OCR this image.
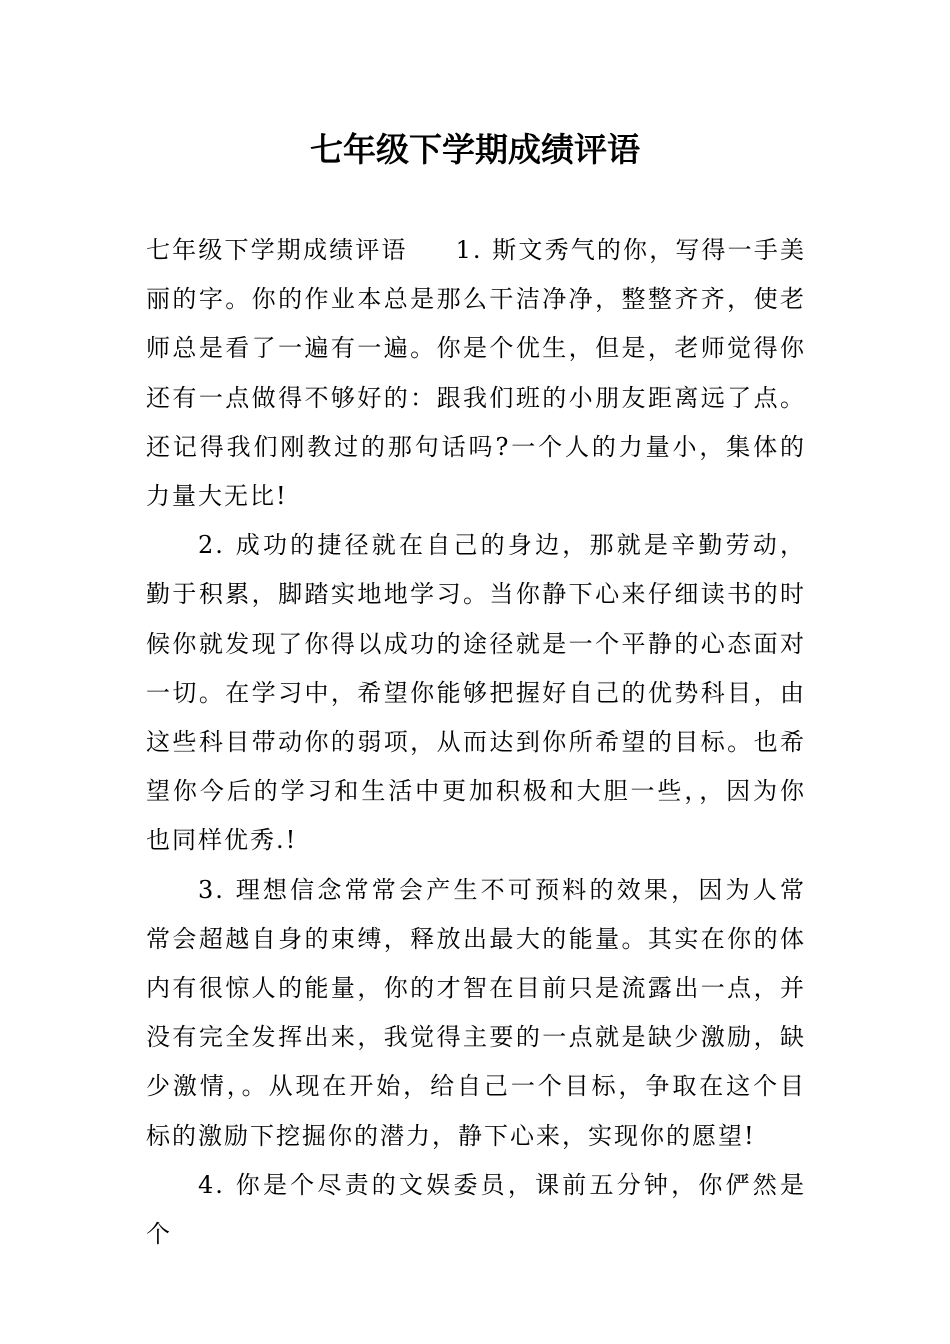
七年级下学期成绩评语

七年级下学期成绩评语 1. 斯文秀气的你，写得一手美丽的字。你的作业本总是那么干洁净净，整整齐齐，使老师总是看了一遍有一遍。你是个优生，但是，老师觉得你还有一点做得不够好的：跟我们班的小朋友距离远了点。还记得我们刚教过的那句话吗?一个人的力量小，集体的力量大无比!

2. 成功的捷径就在自己的身边，那就是辛勤劳动，勤于积累，脚踏实地地学习。当你静下心来仔细读书的时候你就发现了你得以成功的途径就是一个平静的心态面对一切。在学习中，希望你能够把握好自己的优势科目，由这些科目带动你的弱项，从而达到你所希望的目标。也希望你今后的学习和生活中更加积极和大胆一些，，因为你也同样优秀.!

3. 理想信念常常会产生不可预料的效果，因为人常常会超越自身的束缚，释放出最大的能量。其实在你的体内有很惊人的能量，你的才智在目前只是流露出一点，并没有完全发挥出来，我觉得主要的一点就是缺少激励，缺少激情，。从现在开始，给自己一个目标，争取在这个目标的激励下挖掘你的潜力，静下心来，实现你的愿望!

4. 你是个尽责的文娱委员，课前五分钟，你俨然是个
